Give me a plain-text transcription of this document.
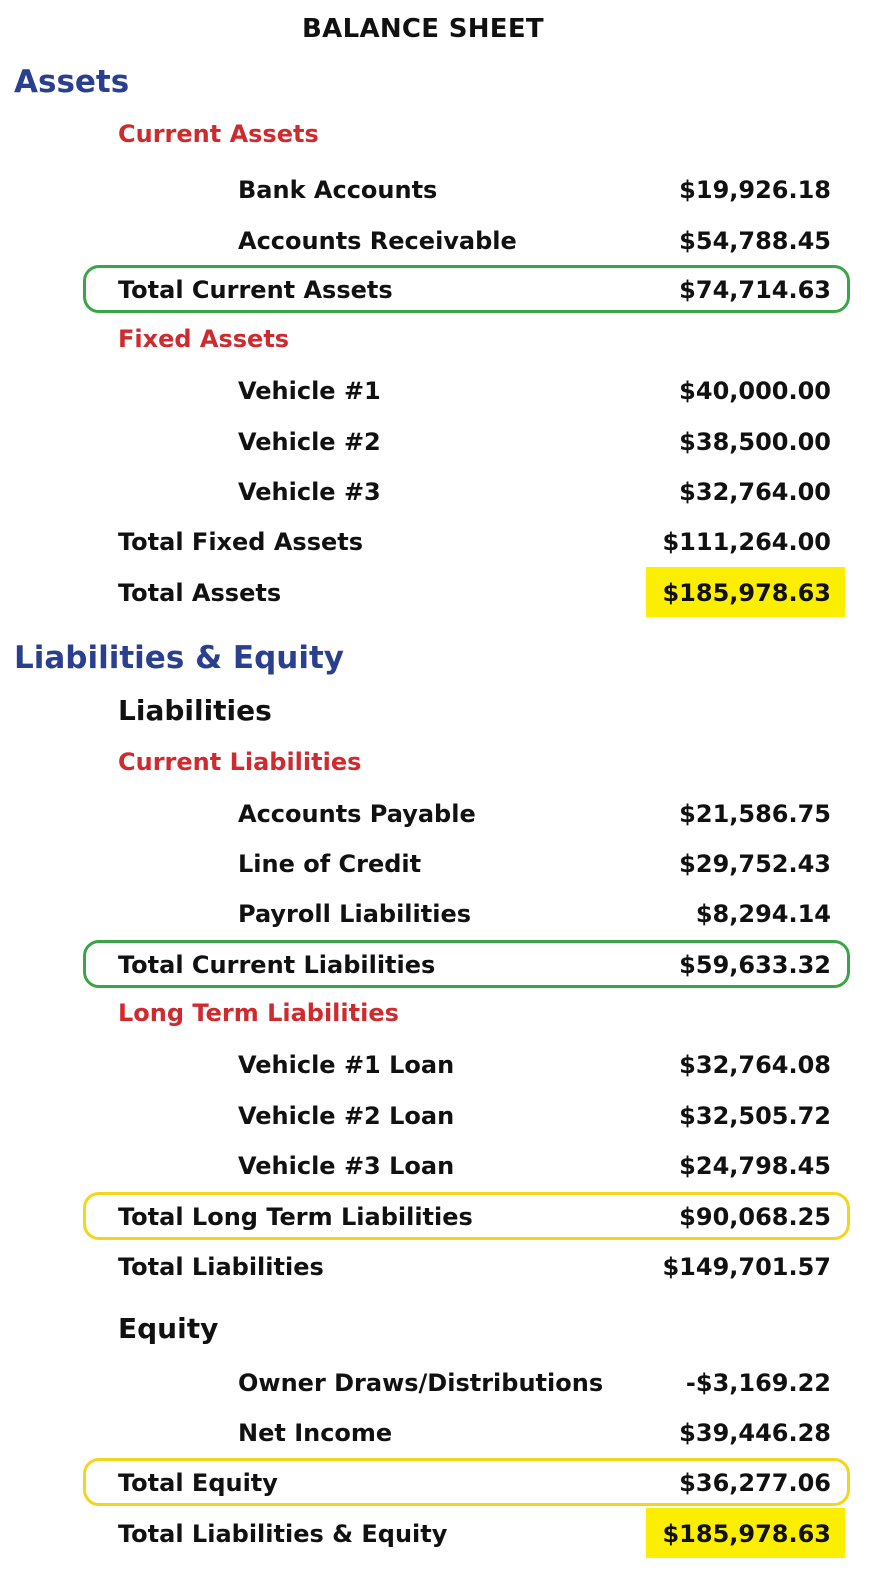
BALANCE SHEET
Assets
Current Assets
Bank Accounts	$19,926.18
Accounts Receivable	$54,788.45
Total Current Assets	$74,714.63
Fixed Assets
Vehicle #1	$40,000.00
Vehicle #2	$38,500.00
Vehicle #3	$32,764.00
Total Fixed Assets	$111,264.00
Total Assets	$185,978.63
Liabilities & Equity
Liabilities
Current Liabilities
Accounts Payable	$21,586.75
Line of Credit	$29,752.43
Payroll Liabilities	$8,294.14
Total Current Liabilities	$59,633.32
Long Term Liabilities
Vehicle #1 Loan	$32,764.08
Vehicle #2 Loan	$32,505.72
Vehicle #3 Loan	$24,798.45
Total Long Term Liabilities	$90,068.25
Total Liabilities	$149,701.57
Equity
Owner Draws/Distributions	-$3,169.22
Net Income	$39,446.28
Total Equity	$36,277.06
Total Liabilities & Equity	$185,978.63
